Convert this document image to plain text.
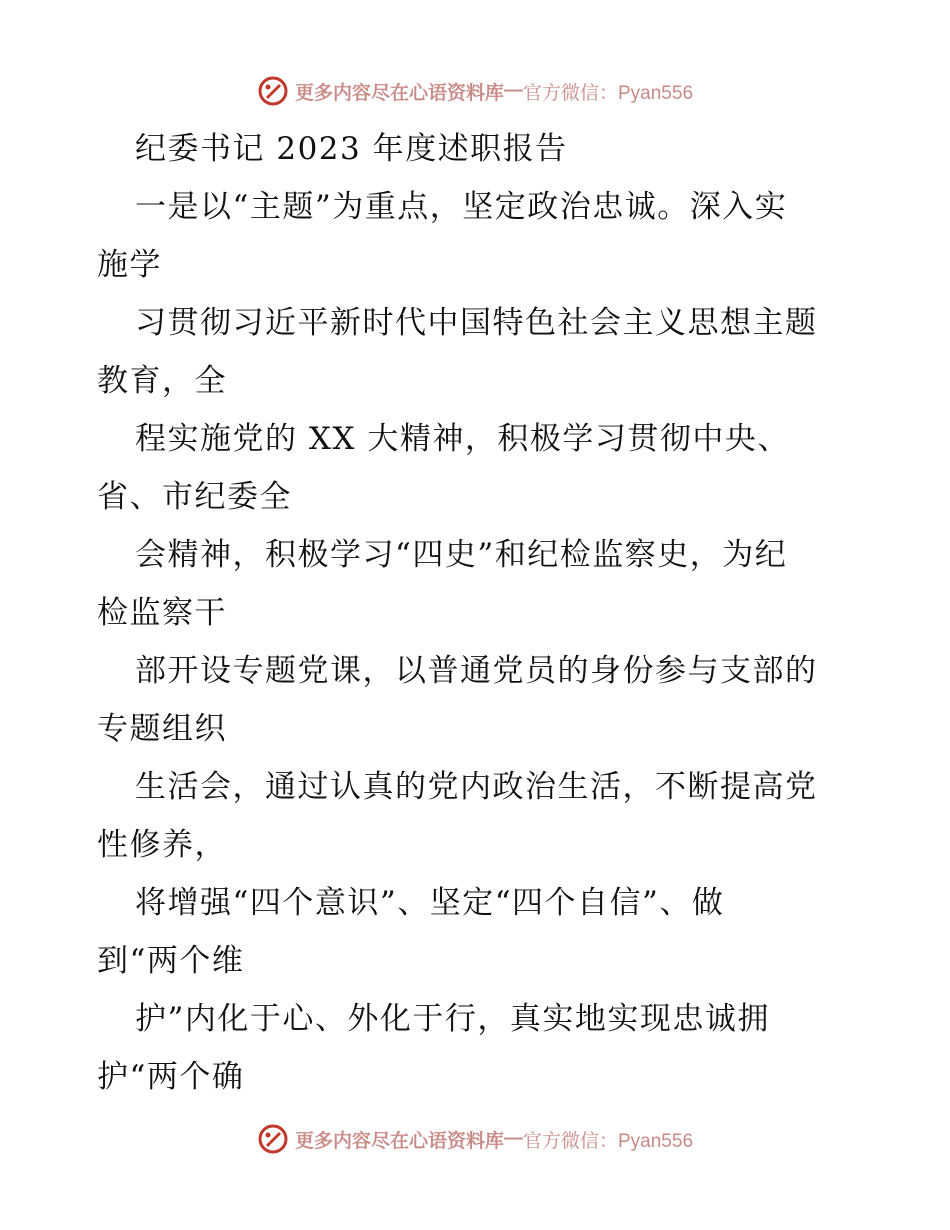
更多内容尽在心语资料库 — 官方微信：Pyan556
纪委书记 2023 年度述职报告
一是以“主题”为重点，坚定政治忠诚。深入实
施学
习贯彻习近平新时代中国特色社会主义思想主题
教育，全
程实施党的 XX 大精神，积极学习贯彻中央、
省、市纪委全
会精神，积极学习“四史”和纪检监察史，为纪
检监察干
部开设专题党课，以普通党员的身份参与支部的
专题组织
生活会，通过认真的党内政治生活，不断提高党
性修养，
将增强“四个意识”、坚定“四个自信”、做
到“两个维
护”内化于心、外化于行，真实地实现忠诚拥
护“两个确
更多内容尽在心语资料库 — 官方微信：Pyan556
